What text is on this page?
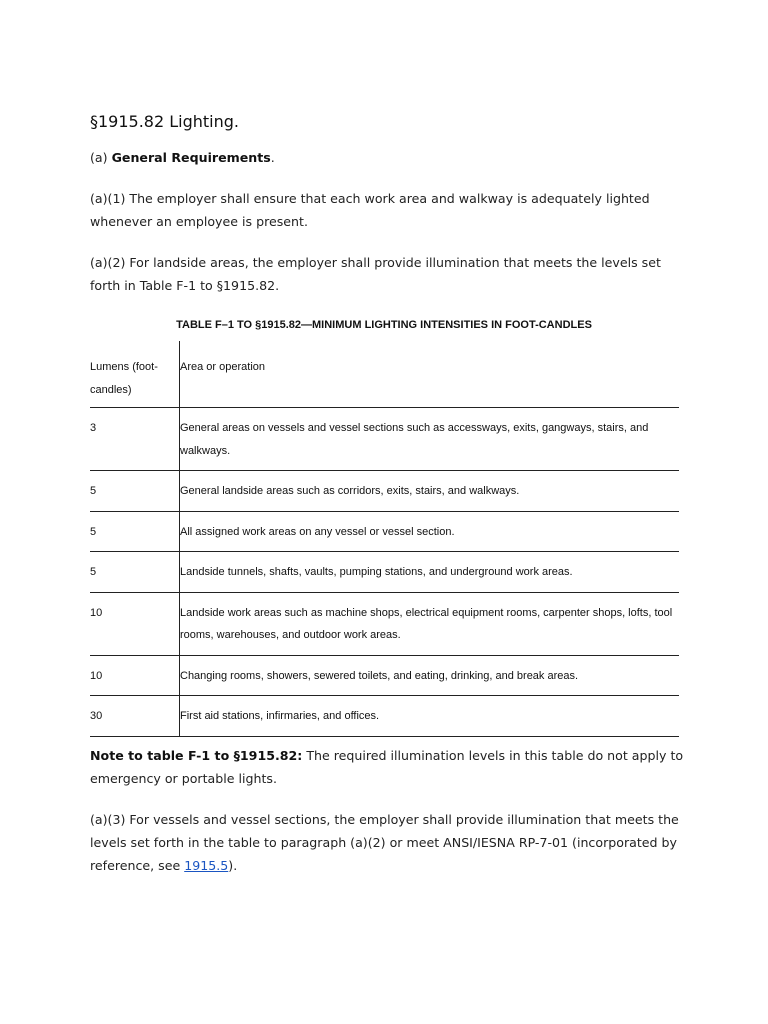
§1915.82 Lighting.

(a) General Requirements.

(a)(1) The employer shall ensure that each work area and walkway is adequately lighted whenever an employee is present.

(a)(2) For landside areas, the employer shall provide illumination that meets the levels set forth in Table F-1 to §1915.82.

TABLE F–1 TO §1915.82—MINIMUM LIGHTING INTENSITIES IN FOOT-CANDLES

Lumens (foot-candles)	Area or operation
3	General areas on vessels and vessel sections such as accessways, exits, gangways, stairs, and walkways.
5	General landside areas such as corridors, exits, stairs, and walkways.
5	All assigned work areas on any vessel or vessel section.
5	Landside tunnels, shafts, vaults, pumping stations, and underground work areas.
10	Landside work areas such as machine shops, electrical equipment rooms, carpenter shops, lofts, tool rooms, warehouses, and outdoor work areas.
10	Changing rooms, showers, sewered toilets, and eating, drinking, and break areas.
30	First aid stations, infirmaries, and offices.

Note to table F-1 to §1915.82: The required illumination levels in this table do not apply to emergency or portable lights.

(a)(3) For vessels and vessel sections, the employer shall provide illumination that meets the levels set forth in the table to paragraph (a)(2) or meet ANSI/IESNA RP-7-01 (incorporated by reference, see 1915.5).
